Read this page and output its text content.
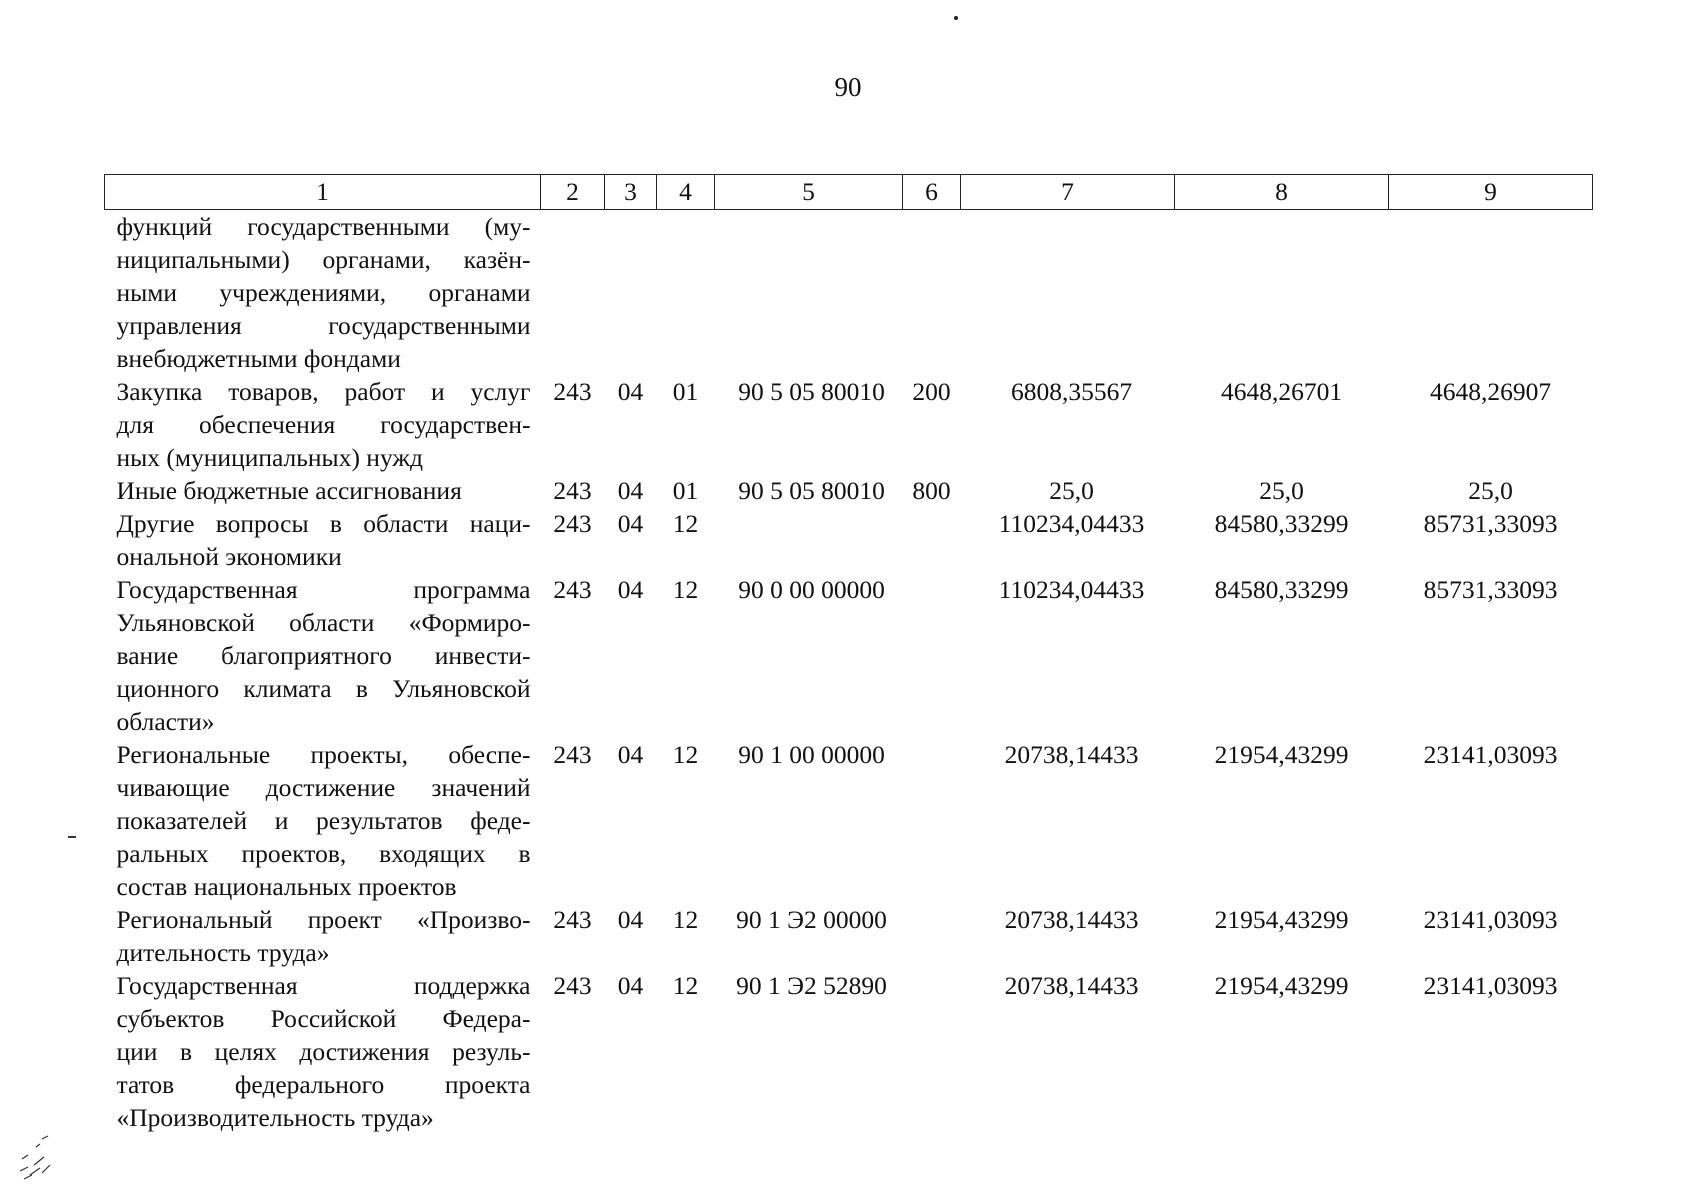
90
1	2	3	4	5	6	7	8	9

функций государственными (му-
ниципальными) органами, казён-
ными учреждениями, органами
управления государственными
внебюджетными фондами								

Закупка товаров, работ и услуг
для обеспечения государствен-
ных (муниципальных) нужд	243	04	01	90 5 05 80010	200	6808,35567	4648,26701	4648,26907

Иные бюджетные ассигнования	243	04	01	90 5 05 80010	800	25,0	25,0	25,0

Другие вопросы в области наци-
ональной экономики	243	04	12			110234,04433	84580,33299	85731,33093

Государственная программа
Ульяновской области «Формиро-
вание благоприятного инвести-
ционного климата в Ульяновской
области»	243	04	12	90 0 00 00000		110234,04433	84580,33299	85731,33093

Региональные проекты, обеспе-
чивающие достижение значений
показателей и результатов феде-
ральных проектов, входящих в
состав национальных проектов	243	04	12	90 1 00 00000		20738,14433	21954,43299	23141,03093

Региональный проект «Произво-
дительность труда»	243	04	12	90 1 Э2 00000		20738,14433	21954,43299	23141,03093

Государственная поддержка
субъектов Российской Федера-
ции в целях достижения резуль-
татов федерального проекта
«Производительность труда»	243	04	12	90 1 Э2 52890		20738,14433	21954,43299	23141,03093
